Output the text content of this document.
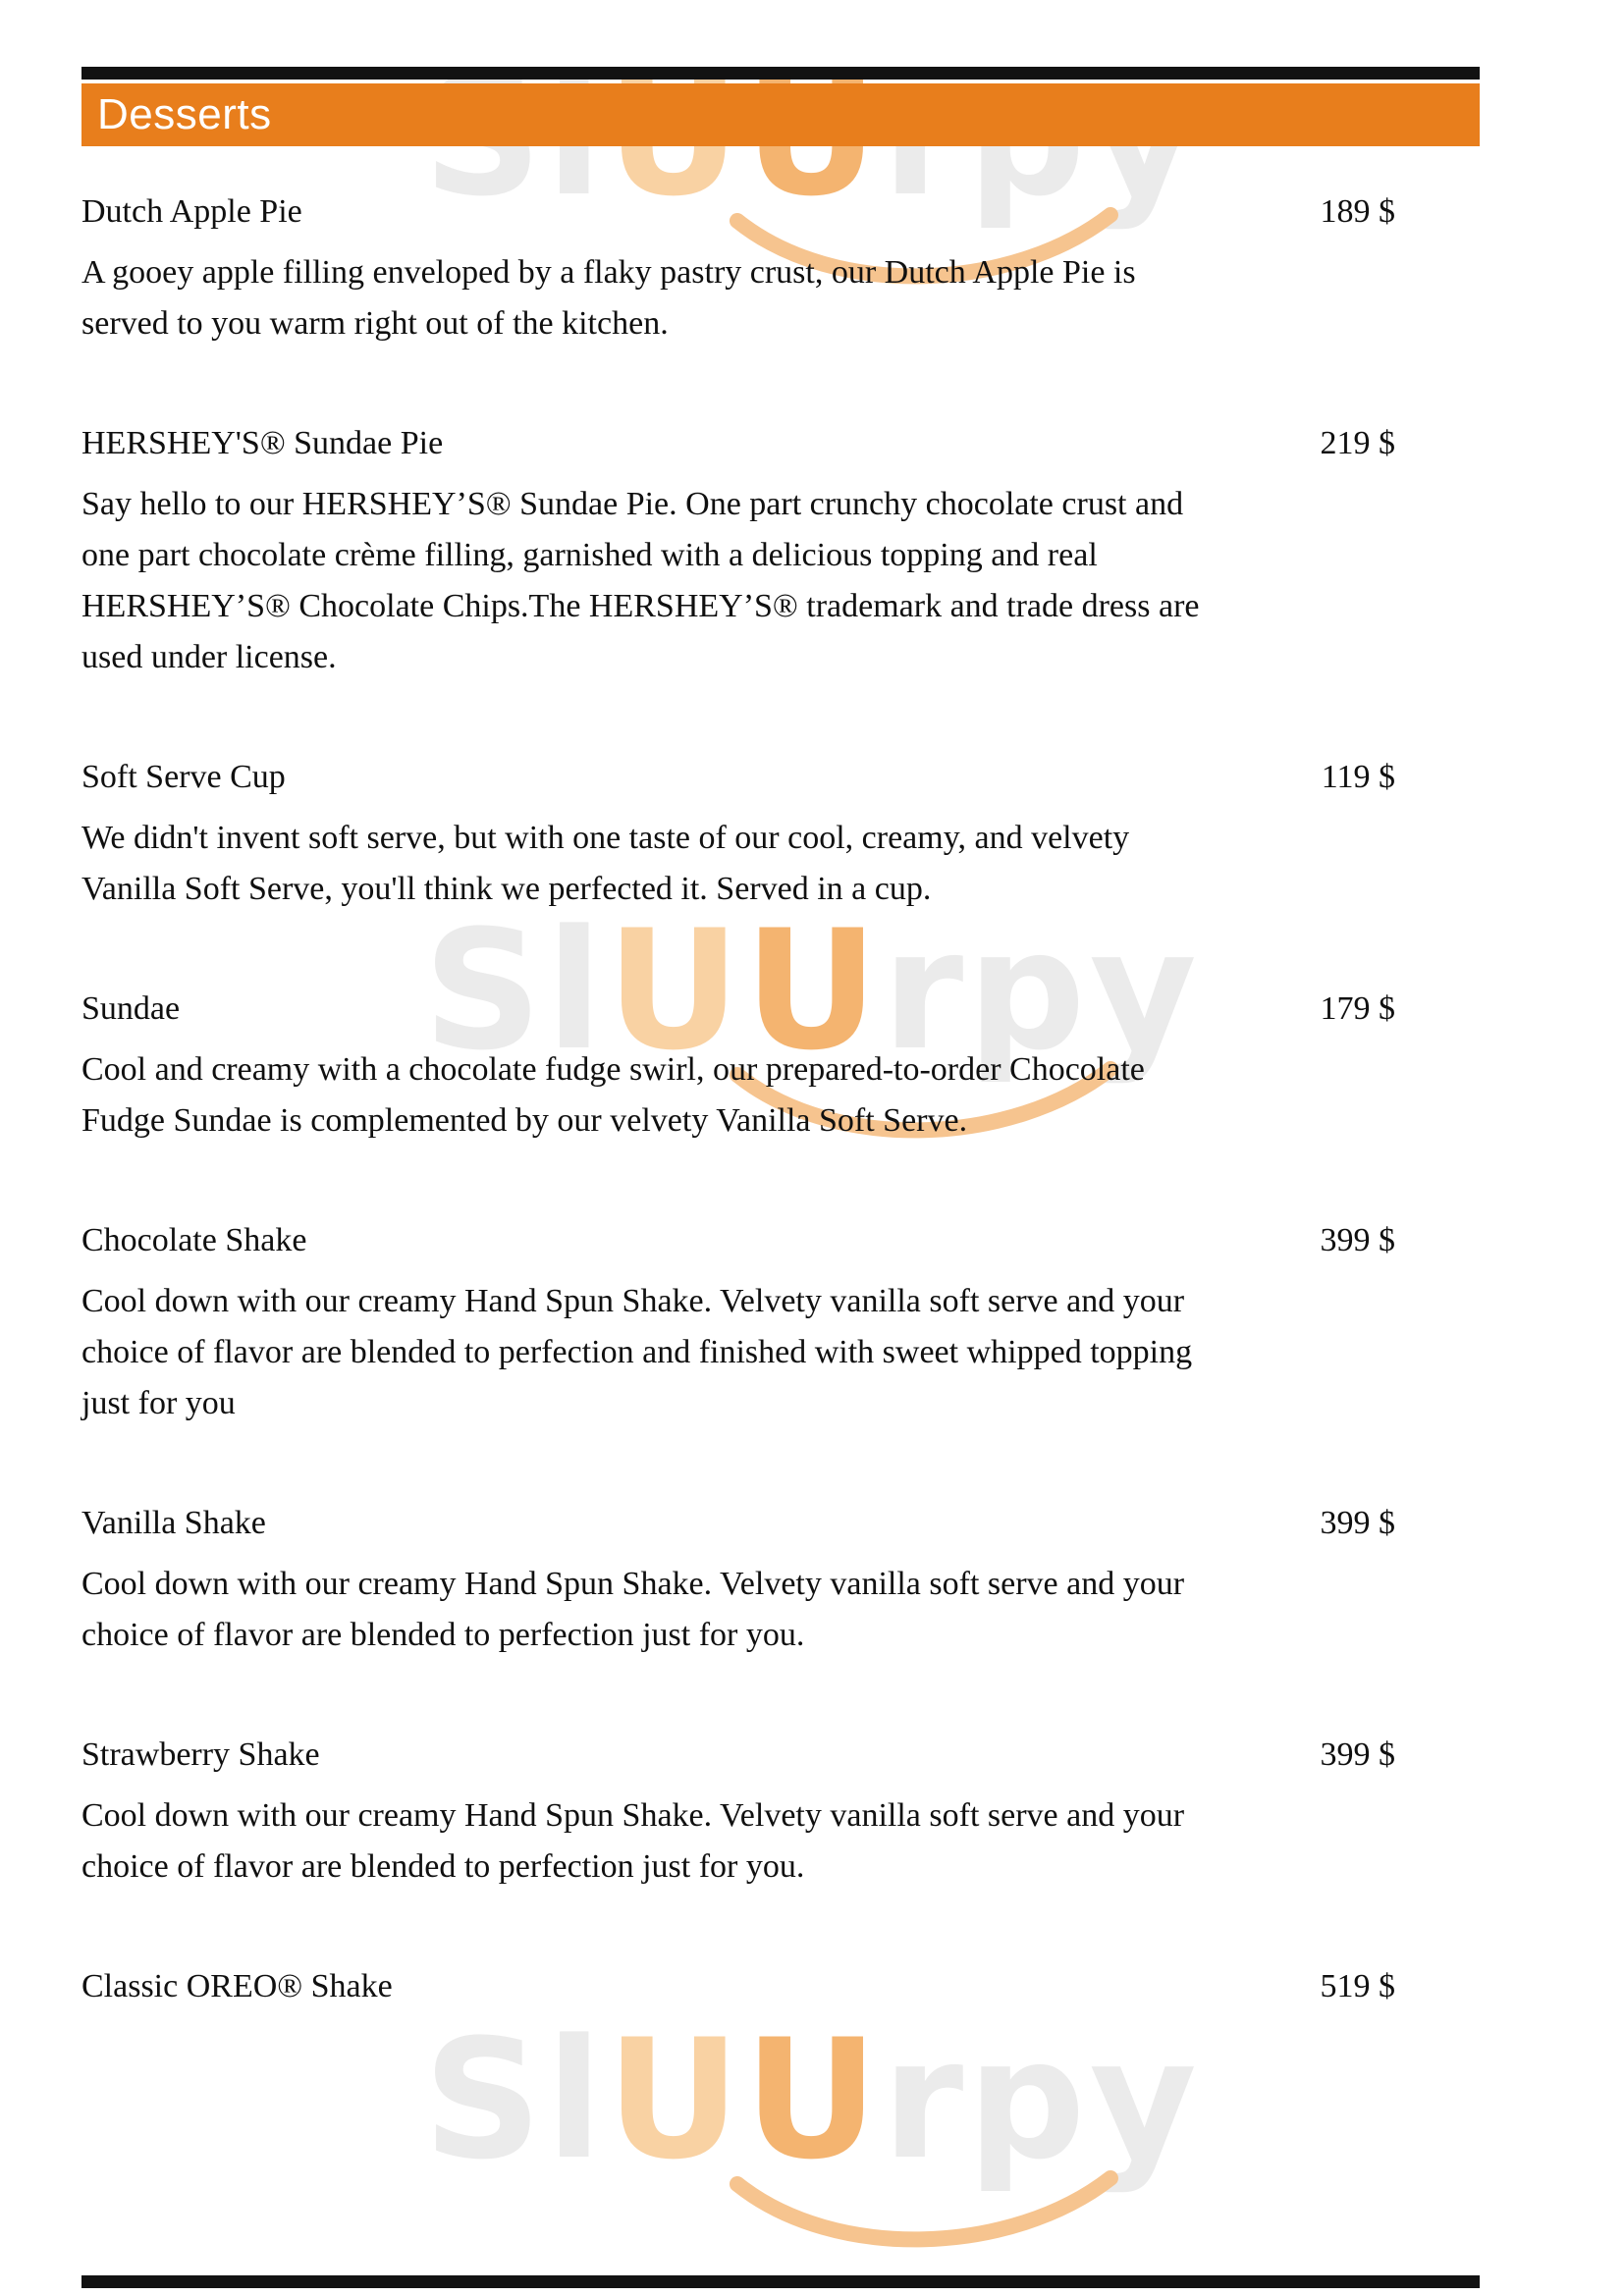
SlUUrpy
SlUUrpy
Desserts
Dutch Apple Pie	189 $
A gooey apple filling enveloped by a flaky pastry crust, our Dutch Apple Pie is served to you warm right out of the kitchen.
HERSHEY'S® Sundae Pie	219 $
Say hello to our HERSHEY’S® Sundae Pie. One part crunchy chocolate crust and one part chocolate crème filling, garnished with a delicious topping and real HERSHEY’S® Chocolate Chips.The HERSHEY’S® trademark and trade dress are used under license.
Soft Serve Cup	119 $
We didn't invent soft serve, but with one taste of our cool, creamy, and velvety Vanilla Soft Serve, you'll think we perfected it. Served in a cup.
Sundae	179 $
Cool and creamy with a chocolate fudge swirl, our prepared-to-order Chocolate Fudge Sundae is complemented by our velvety Vanilla Soft Serve.
Chocolate Shake	399 $
Cool down with our creamy Hand Spun Shake. Velvety vanilla soft serve and your choice of flavor are blended to perfection and finished with sweet whipped topping just for you
Vanilla Shake	399 $
Cool down with our creamy Hand Spun Shake. Velvety vanilla soft serve and your choice of flavor are blended to perfection just for you.
Strawberry Shake	399 $
Cool down with our creamy Hand Spun Shake. Velvety vanilla soft serve and your choice of flavor are blended to perfection just for you.
Classic OREO® Shake	519 $
